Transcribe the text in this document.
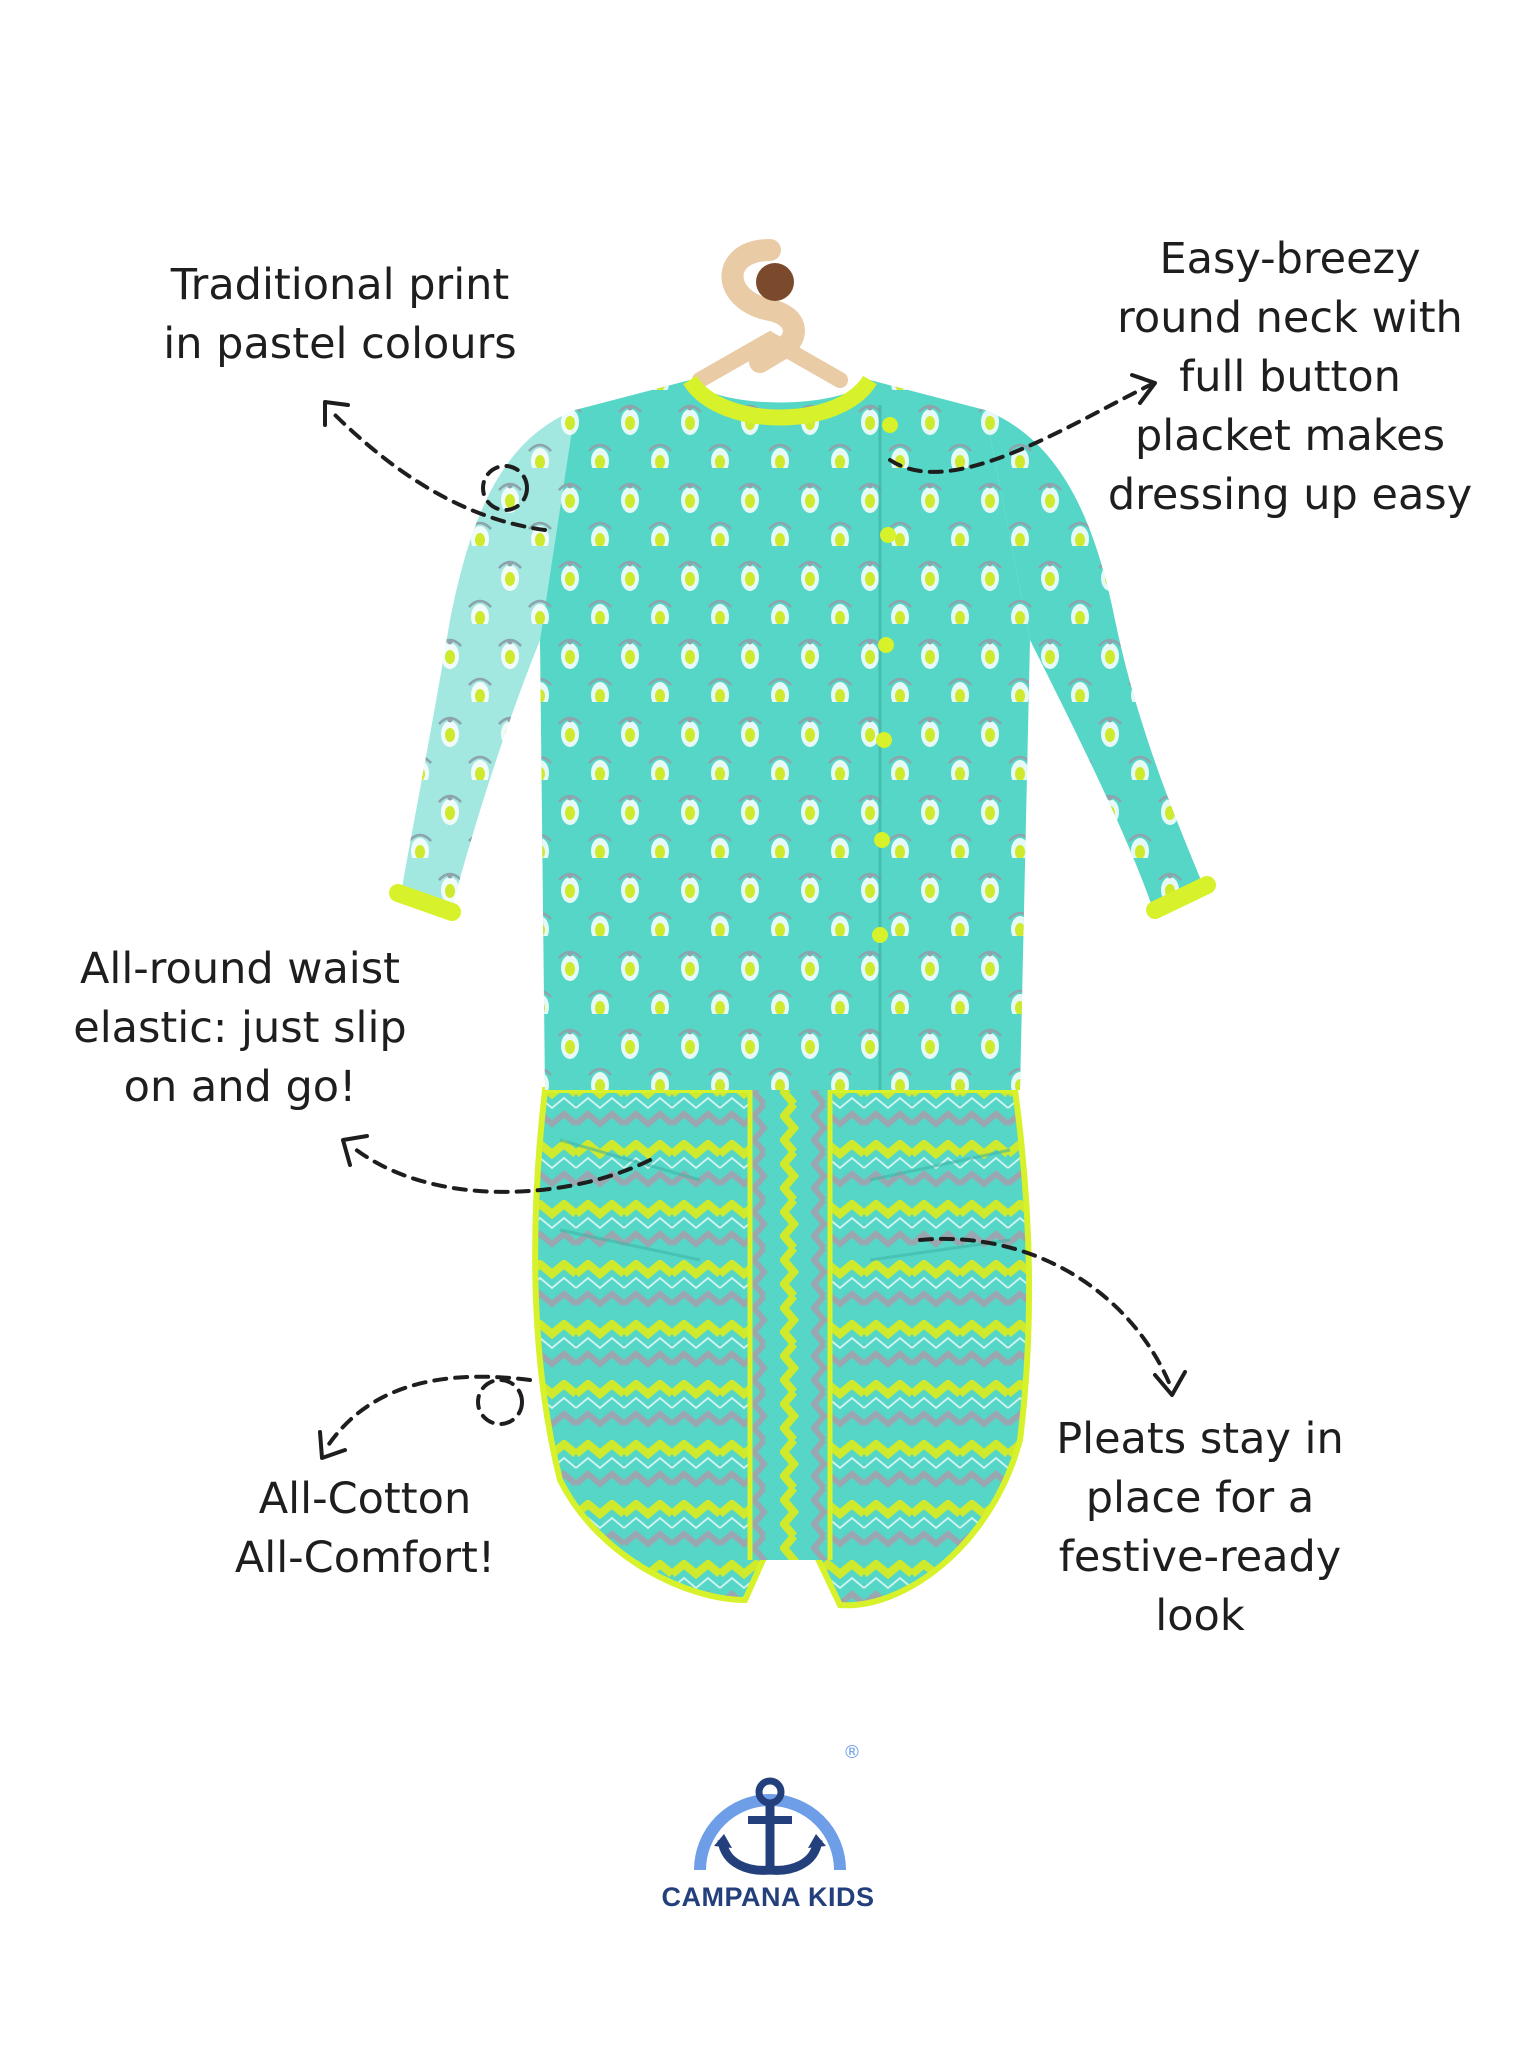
Traditional print
in pastel colours
Easy-breezy
round neck with
full button
placket makes
dressing up easy
All-round waist
elastic: just slip
on and go!
All-Cotton
All-Comfort!
Pleats stay in
place for a
festive-ready
look
®
CAMPANA KIDS
